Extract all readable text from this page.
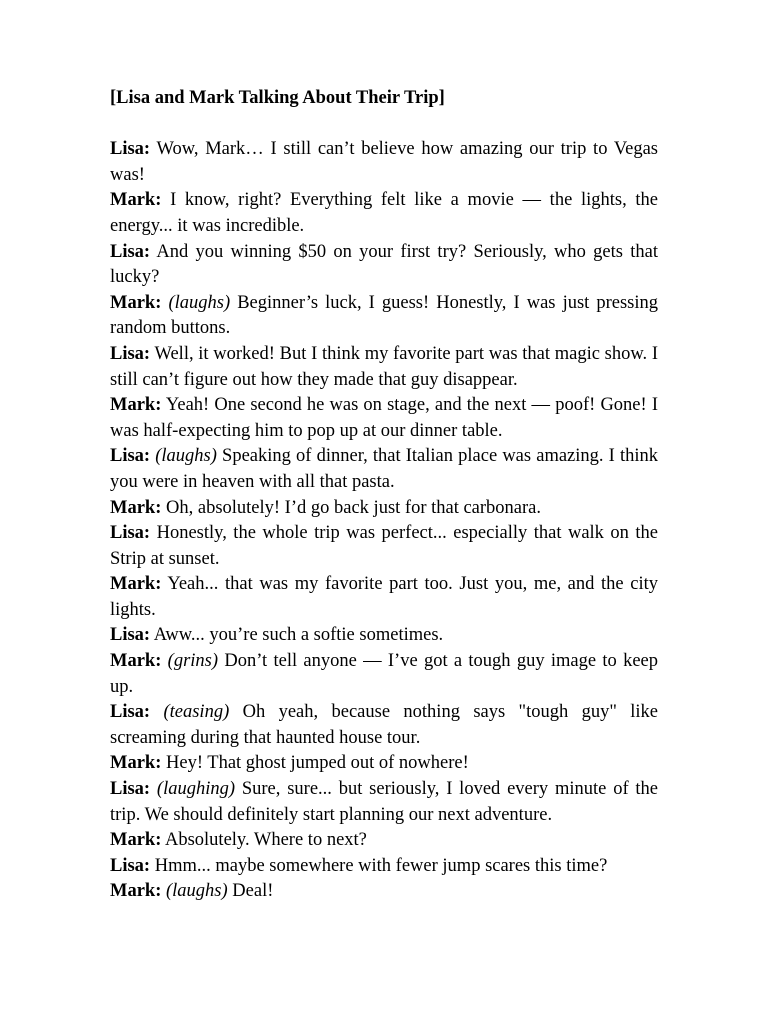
[Lisa and Mark Talking About Their Trip]

Lisa: Wow, Mark… I still can’t believe how amazing our trip to Vegas was!

Mark: I know, right? Everything felt like a movie — the lights, the energy... it was incredible.

Lisa: And you winning $50 on your first try? Seriously, who gets that lucky?

Mark: (laughs) Beginner’s luck, I guess! Honestly, I was just pressing random buttons.

Lisa: Well, it worked! But I think my favorite part was that magic show. I still can’t figure out how they made that guy disappear.

Mark: Yeah! One second he was on stage, and the next — poof! Gone! I was half-expecting him to pop up at our dinner table.

Lisa: (laughs) Speaking of dinner, that Italian place was amazing. I think you were in heaven with all that pasta.

Mark: Oh, absolutely! I’d go back just for that carbonara.

Lisa: Honestly, the whole trip was perfect... especially that walk on the Strip at sunset.

Mark: Yeah... that was my favorite part too. Just you, me, and the city lights.

Lisa: Aww... you’re such a softie sometimes.

Mark: (grins) Don’t tell anyone — I’ve got a tough guy image to keep up.

Lisa: (teasing) Oh yeah, because nothing says "tough guy" like screaming during that haunted house tour.

Mark: Hey! That ghost jumped out of nowhere!

Lisa: (laughing) Sure, sure... but seriously, I loved every minute of the trip. We should definitely start planning our next adventure.

Mark: Absolutely. Where to next?

Lisa: Hmm... maybe somewhere with fewer jump scares this time?

Mark: (laughs) Deal!
